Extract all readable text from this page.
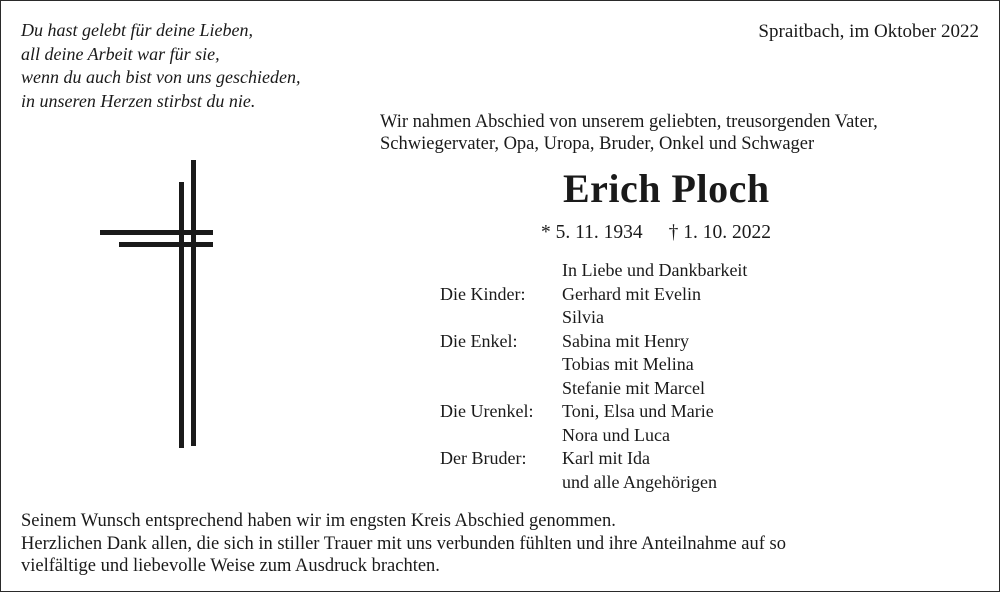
Du hast gelebt für deine Lieben,
all deine Arbeit war für sie,
wenn du auch bist von uns geschieden,
in unseren Herzen stirbst du nie.
Spraitbach, im Oktober 2022
Wir nahmen Abschied von unserem geliebten, treusorgenden Vater,
Schwiegervater, Opa, Uropa, Bruder, Onkel und Schwager
Erich Ploch
* 5. 11. 1934 † 1. 10. 2022
In Liebe und Dankbarkeit
Die Kinder:	Gerhard mit Evelin
Silvia
Die Enkel:	Sabina mit Henry
Tobias mit Melina
Stefanie mit Marcel
Die Urenkel:	Toni, Elsa und Marie
Nora und Luca
Der Bruder:	Karl mit Ida
und alle Angehörigen
Seinem Wunsch entsprechend haben wir im engsten Kreis Abschied genommen.
Herzlichen Dank allen, die sich in stiller Trauer mit uns verbunden fühlten und ihre Anteilnahme auf so
vielfältige und liebevolle Weise zum Ausdruck brachten.
